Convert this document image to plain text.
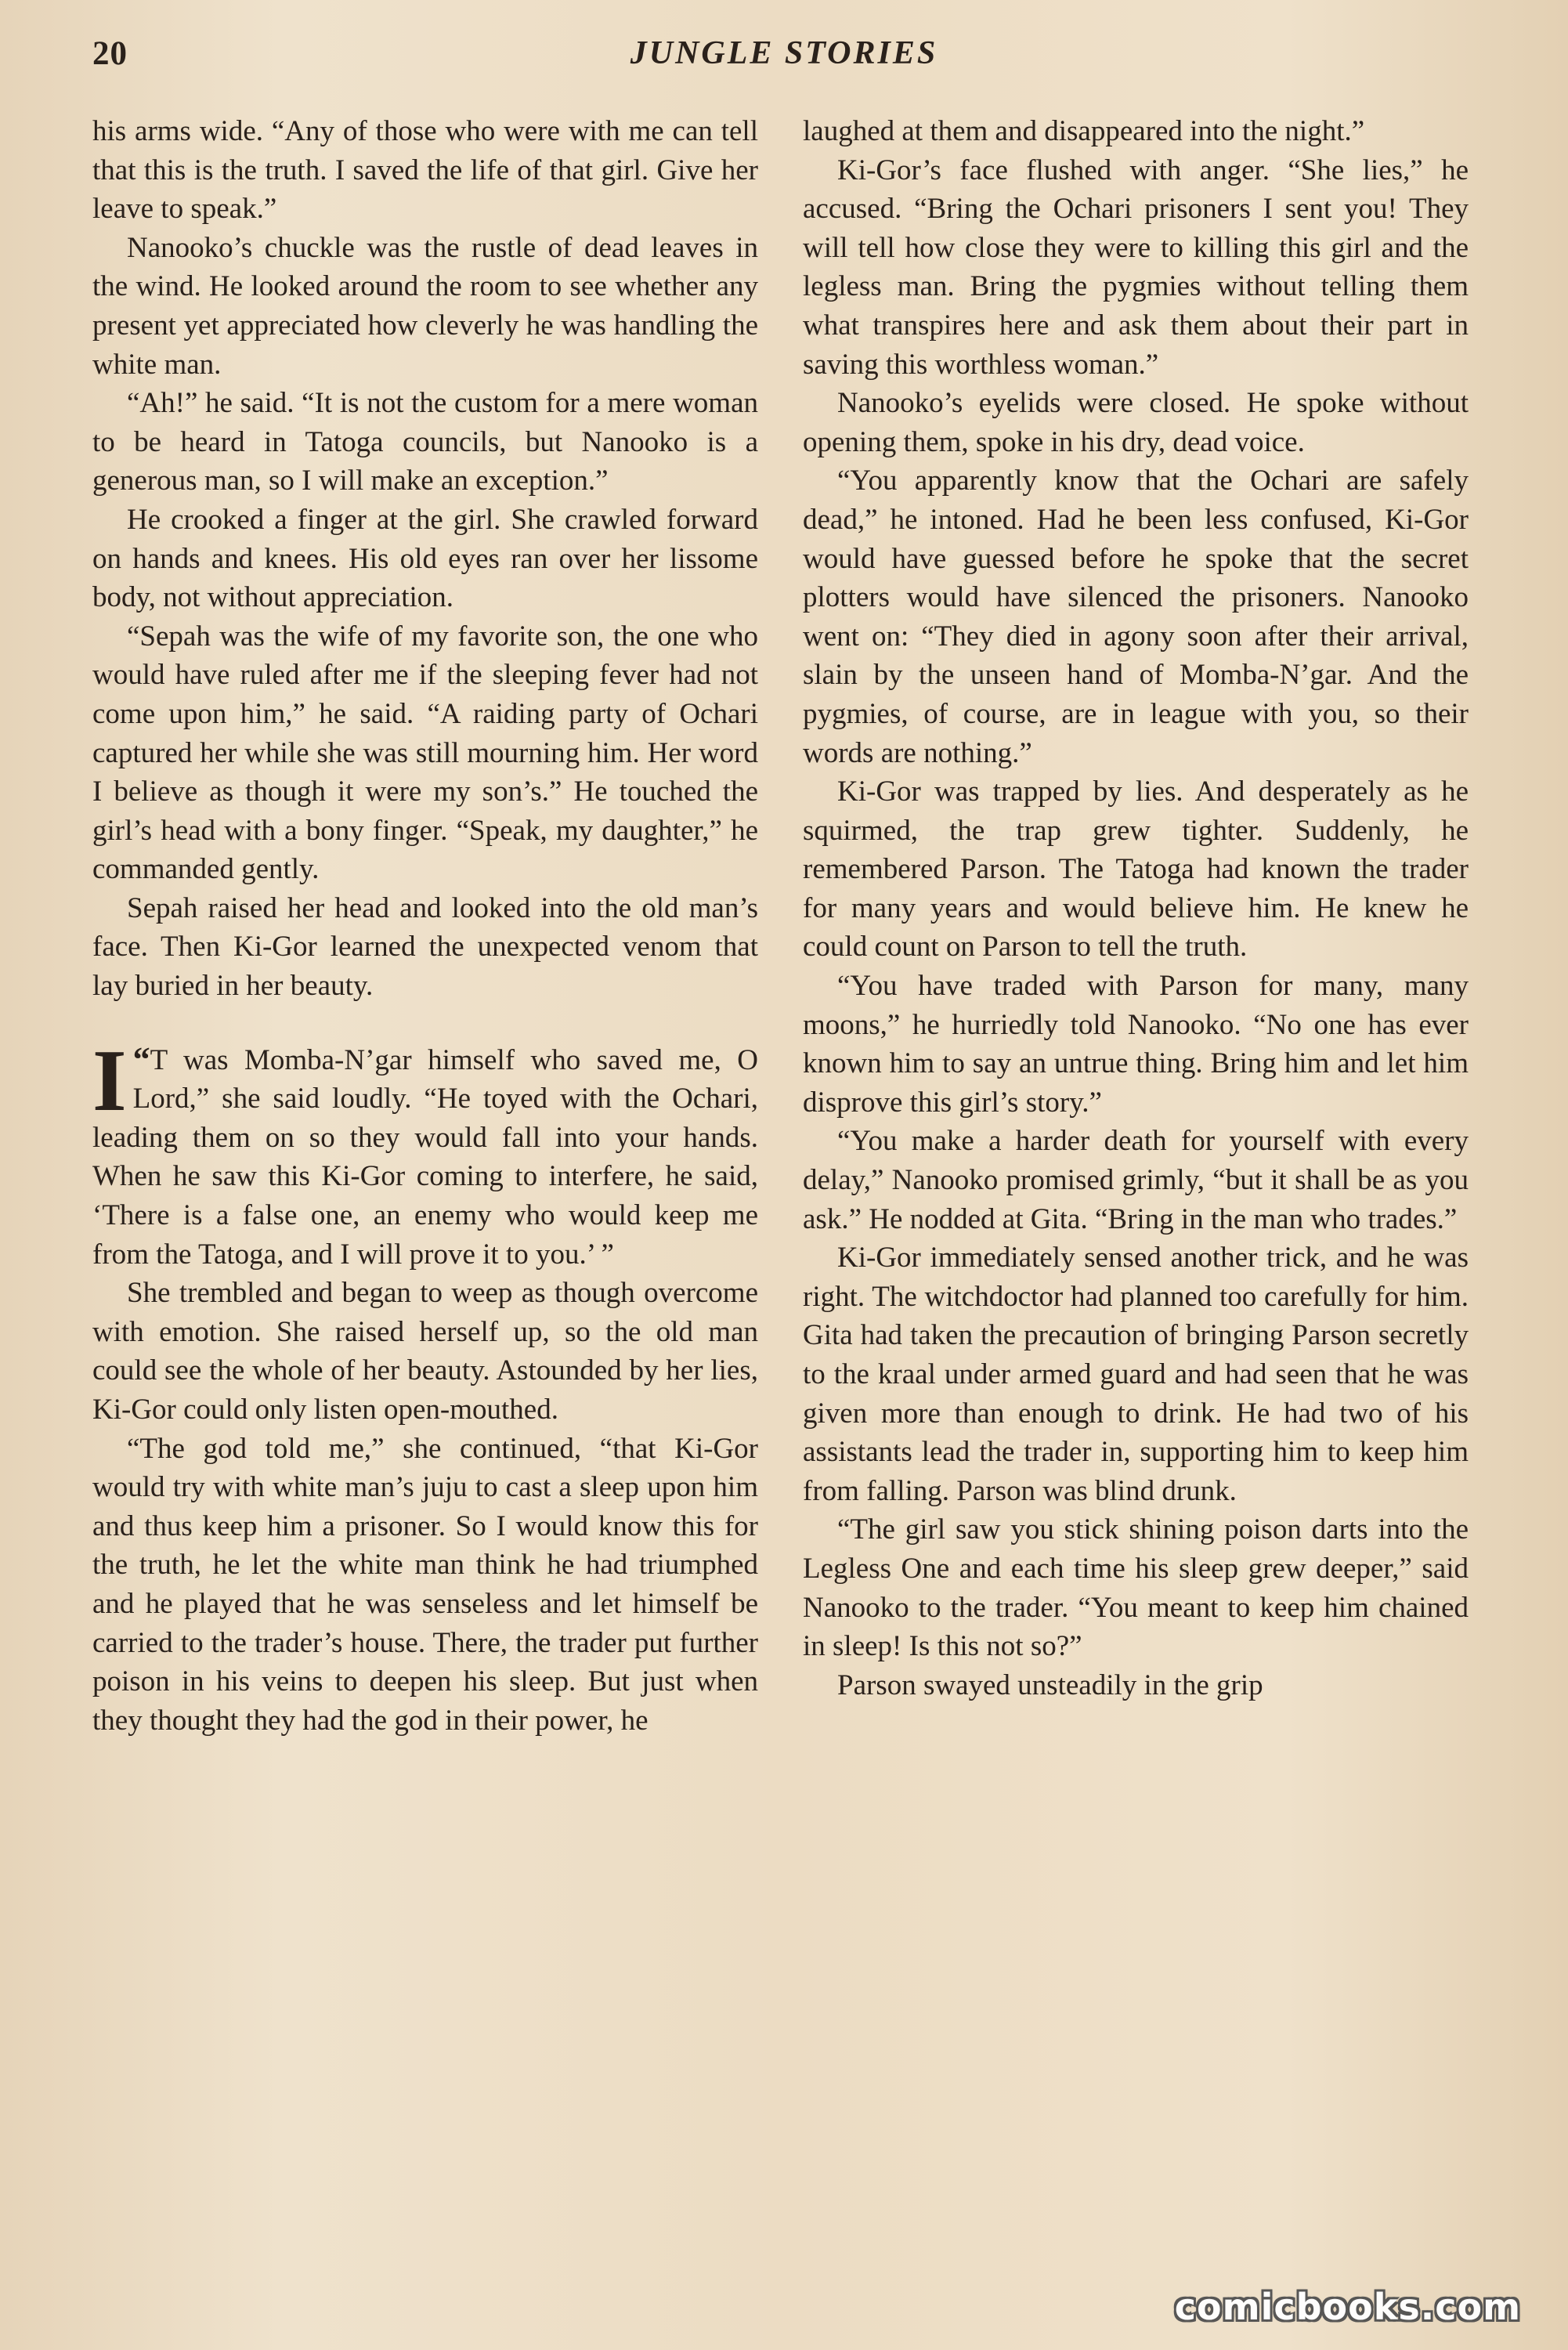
20	JUNGLE STORIES

his arms wide. “Any of those who were with me can tell that this is the truth. I saved the life of that girl. Give her leave to speak.”

Nanooko’s chuckle was the rustle of dead leaves in the wind. He looked around the room to see whether any present yet appreciated how cleverly he was handling the white man.

“Ah!” he said. “It is not the custom for a mere woman to be heard in Tatoga councils, but Nanooko is a generous man, so I will make an exception.”

He crooked a finger at the girl. She crawled forward on hands and knees. His old eyes ran over her lissome body, not without appreciation.

“Sepah was the wife of my favorite son, the one who would have ruled after me if the sleeping fever had not come upon him,” he said. “A raiding party of Ochari captured her while she was still mourning him. Her word I believe as though it were my son’s.” He touched the girl’s head with a bony finger. “Speak, my daughter,” he commanded gently.

Sepah raised her head and looked into the old man’s face. Then Ki-Gor learned the unexpected venom that lay buried in her beauty.

“
I T was Momba-N’gar himself who saved me, O Lord,” she said loudly. “He toyed with the Ochari, leading them on so they would fall into your hands. When he saw this Ki-Gor coming to interfere, he said, ‘There is a false one, an enemy who would keep me from the Tatoga, and I will prove it to you.’ ”

She trembled and began to weep as though overcome with emotion. She raised herself up, so the old man could see the whole of her beauty. Astounded by her lies, Ki-Gor could only listen open-mouthed.

“The god told me,” she continued, “that Ki-Gor would try with white man’s juju to cast a sleep upon him and thus keep him a prisoner. So I would know this for the truth, he let the white man think he had triumphed and he played that he was senseless and let himself be carried to the trader’s house. There, the trader put further poison in his veins to deepen his sleep. But just when they thought they had the god in their power, he

laughed at them and disappeared into the night.”

Ki-Gor’s face flushed with anger. “She lies,” he accused. “Bring the Ochari prisoners I sent you! They will tell how close they were to killing this girl and the legless man. Bring the pygmies without telling them what transpires here and ask them about their part in saving this worthless woman.”

Nanooko’s eyelids were closed. He spoke without opening them, spoke in his dry, dead voice.

“You apparently know that the Ochari are safely dead,” he intoned. Had he been less confused, Ki-Gor would have guessed before he spoke that the secret plotters would have silenced the prisoners. Nanooko went on: “They died in agony soon after their arrival, slain by the unseen hand of Momba-N’gar. And the pygmies, of course, are in league with you, so their words are nothing.”

Ki-Gor was trapped by lies. And desperately as he squirmed, the trap grew tighter. Suddenly, he remembered Parson. The Tatoga had known the trader for many years and would believe him. He knew he could count on Parson to tell the truth.

“You have traded with Parson for many, many moons,” he hurriedly told Nanooko. “No one has ever known him to say an untrue thing. Bring him and let him disprove this girl’s story.”

“You make a harder death for yourself with every delay,” Nanooko promised grimly, “but it shall be as you ask.” He nodded at Gita. “Bring in the man who trades.”

Ki-Gor immediately sensed another trick, and he was right. The witchdoctor had planned too carefully for him. Gita had taken the precaution of bringing Parson secretly to the kraal under armed guard and had seen that he was given more than enough to drink. He had two of his assistants lead the trader in, supporting him to keep him from falling. Parson was blind drunk.

“The girl saw you stick shining poison darts into the Legless One and each time his sleep grew deeper,” said Nanooko to the trader. “You meant to keep him chained in sleep! Is this not so?”

Parson swayed unsteadily in the grip

comicbooks.com
